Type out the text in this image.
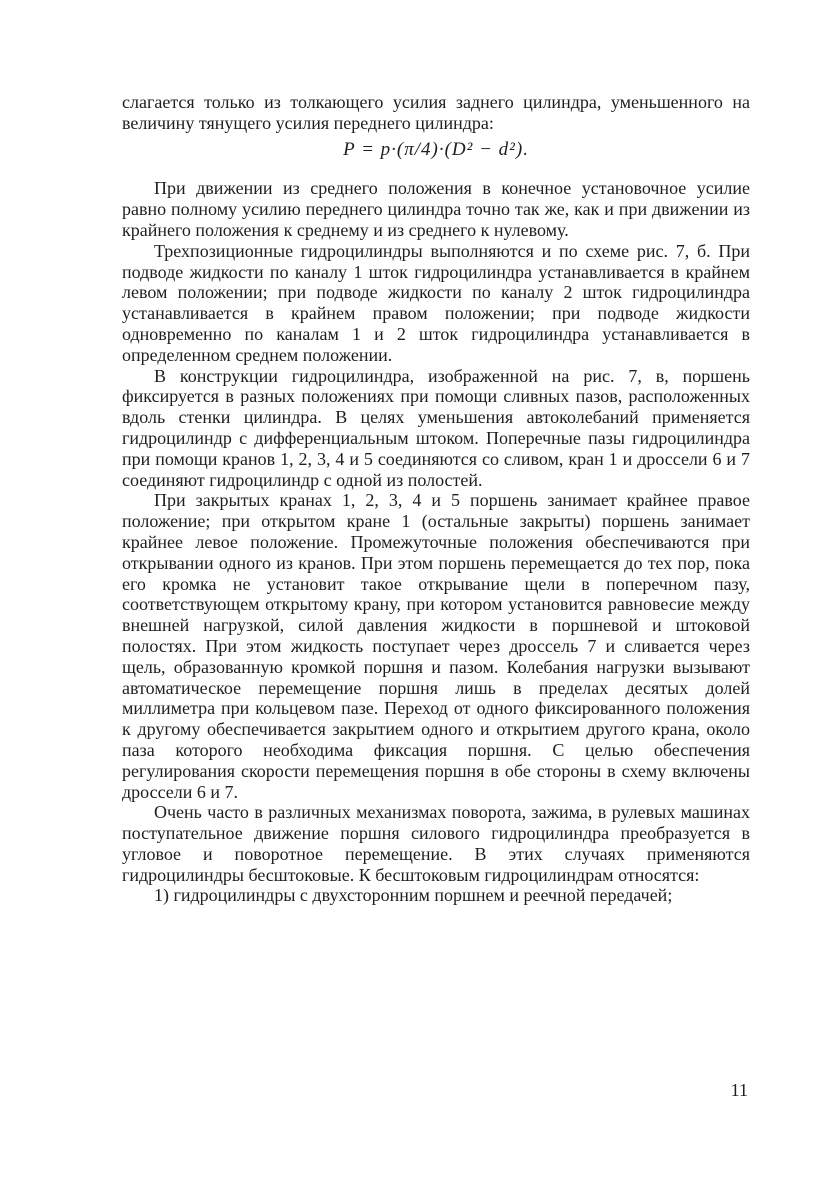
слагается только из толкающего усилия заднего цилиндра, уменьшенного на величину тянущего усилия переднего цилиндра:

P = p·(π/4)·(D² − d²).

При движении из среднего положения в конечное установочное усилие равно полному усилию переднего цилиндра точно так же, как и при движении из крайнего положения к среднему и из среднего к нулевому.

Трехпозиционные гидроцилиндры выполняются и по схеме рис. 7, б. При подводе жидкости по каналу 1 шток гидроцилиндра устанавливается в крайнем левом положении; при подводе жидкости по каналу 2 шток гидроцилиндра устанавливается в крайнем правом положении; при подводе жидкости одновременно по каналам 1 и 2 шток гидроцилиндра устанавливается в определенном среднем положении.

В конструкции гидроцилиндра, изображенной на рис. 7, в, поршень фиксируется в разных положениях при помощи сливных пазов, расположенных вдоль стенки цилиндра. В целях уменьшения автоколебаний применяется гидроцилиндр с дифференциальным штоком. Поперечные пазы гидроцилиндра при помощи кранов 1, 2, 3, 4 и 5 соединяются со сливом, кран 1 и дроссели 6 и 7 соединяют гидроцилиндр с одной из полостей.

При закрытых кранах 1, 2, 3, 4 и 5 поршень занимает крайнее правое положение; при открытом кране 1 (остальные закрыты) поршень занимает крайнее левое положение. Промежуточные положения обеспечиваются при открывании одного из кранов. При этом поршень перемещается до тех пор, пока его кромка не установит такое открывание щели в поперечном пазу, соответствующем открытому крану, при котором установится равновесие между внешней нагрузкой, силой давления жидкости в поршневой и штоковой полостях. При этом жидкость поступает через дроссель 7 и сливается через щель, образованную кромкой поршня и пазом. Колебания нагрузки вызывают автоматическое перемещение поршня лишь в пределах десятых долей миллиметра при кольцевом пазе. Переход от одного фиксированного положения к другому обеспечивается закрытием одного и открытием другого крана, около паза которого необходима фиксация поршня. С целью обеспечения регулирования скорости перемещения поршня в обе стороны в схему включены дроссели 6 и 7.

Очень часто в различных механизмах поворота, зажима, в рулевых машинах поступательное движение поршня силового гидроцилиндра преобразуется в угловое и поворотное перемещение. В этих случаях применяются гидроцилиндры бесштоковые. К бесштоковым гидроцилиндрам относятся:

1) гидроцилиндры с двухсторонним поршнем и реечной передачей;

11
